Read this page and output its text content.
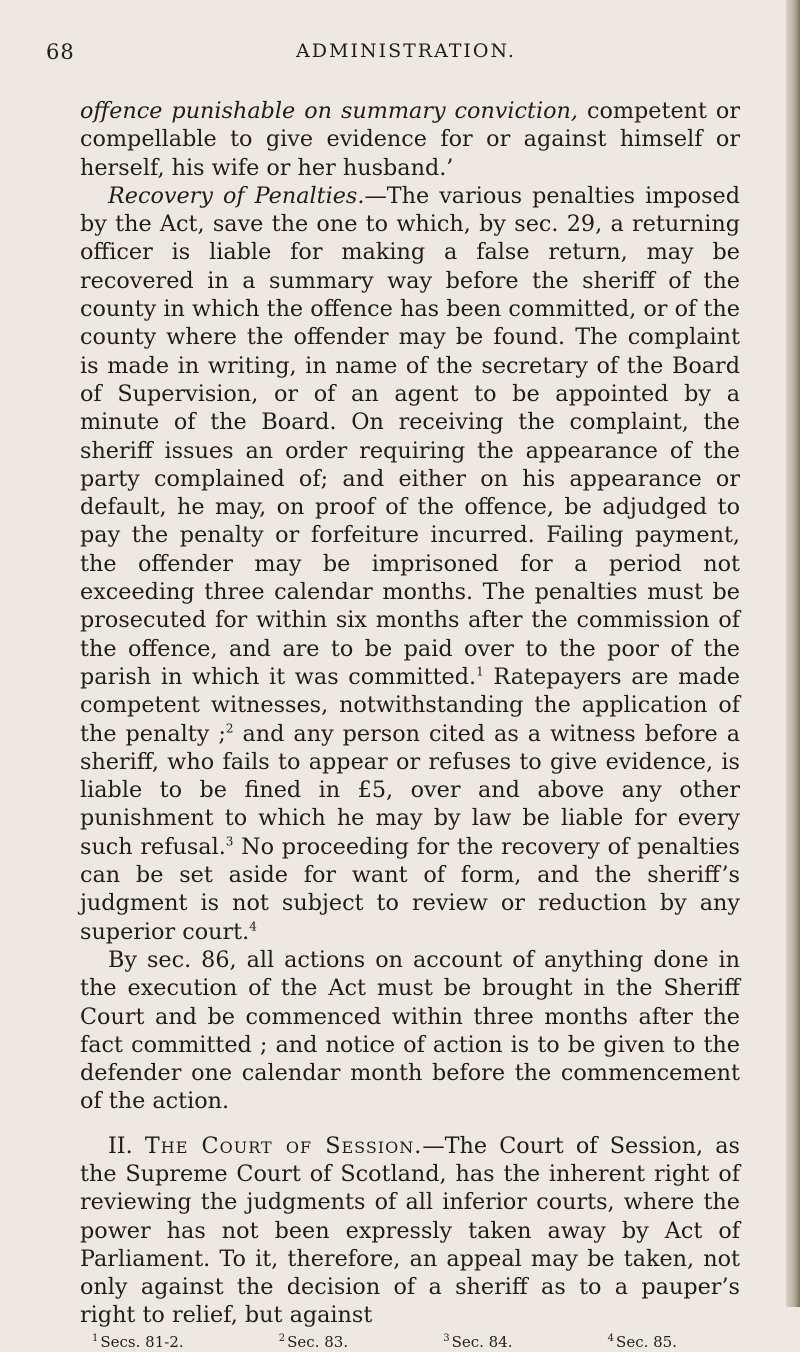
68	ADMINISTRATION.

offence punishable on summary conviction, competent or compellable to give evidence for or against himself or herself, his wife or her husband.’

Recovery of Penalties.—The various penalties imposed by the Act, save the one to which, by sec. 29, a returning officer is liable for making a false return, may be recovered in a summary way before the sheriff of the county in which the offence has been committed, or of the county where the offender may be found. The complaint is made in writing, in name of the secretary of the Board of Supervision, or of an agent to be appointed by a minute of the Board. On receiving the complaint, the sheriff issues an order requiring the appearance of the party complained of; and either on his appearance or default, he may, on proof of the offence, be adjudged to pay the penalty or forfeiture incurred. Failing payment, the offender may be imprisoned for a period not exceeding three calendar months. The penalties must be prosecuted for within six months after the commission of the offence, and are to be paid over to the poor of the parish in which it was committed.$^1$ Ratepayers are made competent witnesses, notwithstanding the application of the penalty ;$^2$ and any person cited as a witness before a sheriff, who fails to appear or refuses to give evidence, is liable to be fined in £5, over and above any other punishment to which he may by law be liable for every such refusal.$^3$ No proceeding for the recovery of penalties can be set aside for want of form, and the sheriff’s judgment is not subject to review or reduction by any superior court.$^4$

By sec. 86, all actions on account of anything done in the execution of the Act must be brought in the Sheriff Court and be commenced within three months after the fact committed ; and notice of action is to be given to the defender one calendar month before the commencement of the action.

II. The Court of Session.—The Court of Session, as the Supreme Court of Scotland, has the inherent right of reviewing the judgments of all inferior courts, where the power has not been expressly taken away by Act of Parliament. To it, therefore, an appeal may be taken, not only against the decision of a sheriff as to a pauper’s right to relief, but against

$^1$ Secs. 81-2.	$^2$ Sec. 83.	$^3$ Sec. 84.	$^4$ Sec. 85.
